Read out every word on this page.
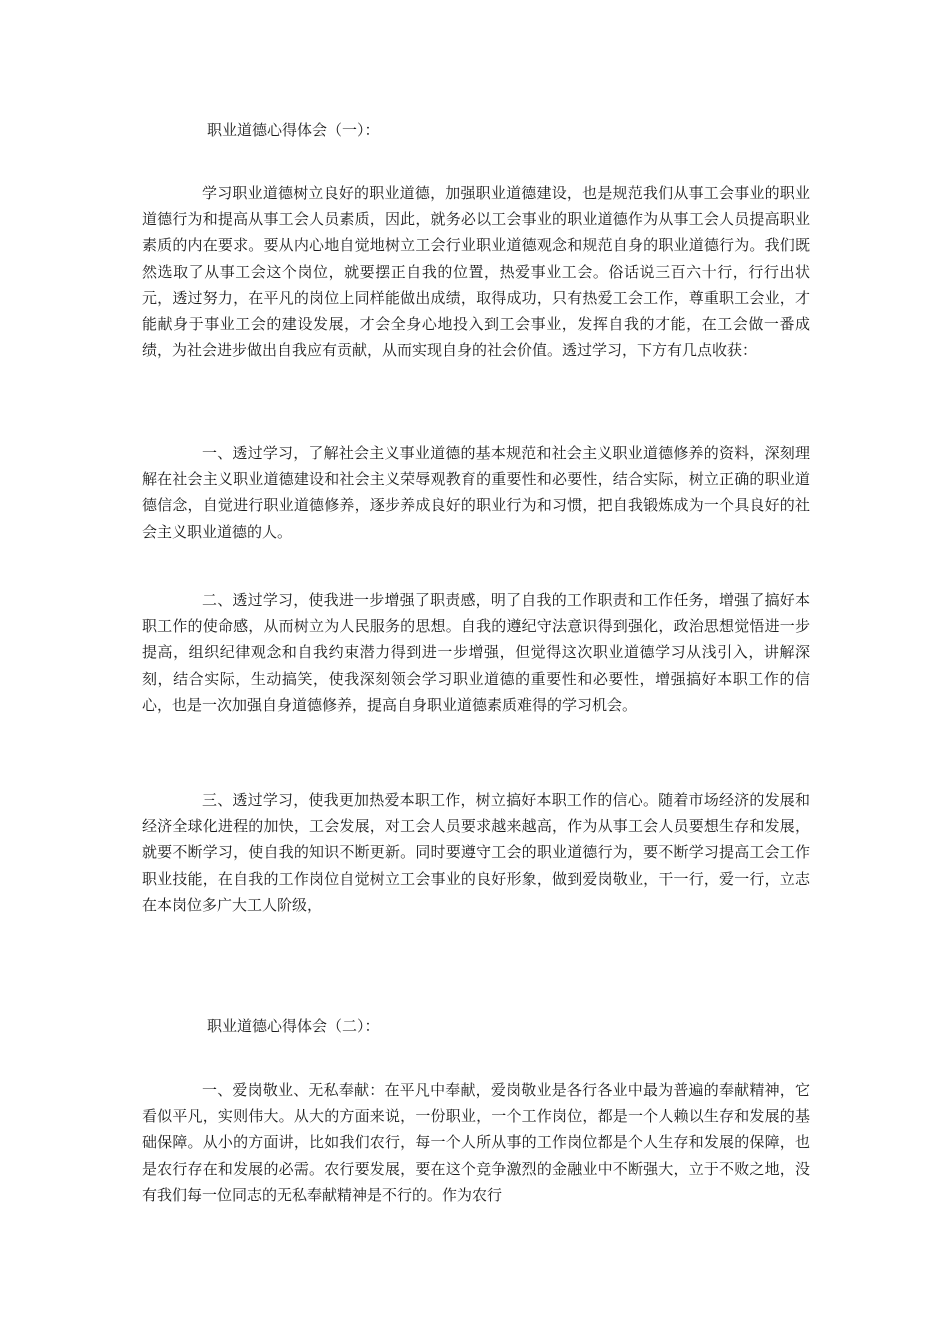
职业道德心得体会（一）：

学习职业道德树立良好的职业道德，加强职业道德建设，也是规范我们从事工会事业的职业道德行为和提高从事工会人员素质，因此，就务必以工会事业的职业道德作为从事工会人员提高职业素质的内在要求。要从内心地自觉地树立工会行业职业道德观念和规范自身的职业道德行为。我们既然选取了从事工会这个岗位，就要摆正自我的位置，热爱事业工会。俗话说三百六十行，行行出状元，透过努力，在平凡的岗位上同样能做出成绩，取得成功，只有热爱工会工作，尊重职工会业，才能献身于事业工会的建设发展，才会全身心地投入到工会事业，发挥自我的才能，在工会做一番成绩，为社会进步做出自我应有贡献，从而实现自身的社会价值。透过学习，下方有几点收获：

一、透过学习，了解社会主义事业道德的基本规范和社会主义职业道德修养的资料，深刻理解在社会主义职业道德建设和社会主义荣辱观教育的重要性和必要性，结合实际，树立正确的职业道德信念，自觉进行职业道德修养，逐步养成良好的职业行为和习惯，把自我锻炼成为一个具良好的社会主义职业道德的人。

二、透过学习，使我进一步增强了职责感，明了自我的工作职责和工作任务，增强了搞好本职工作的使命感，从而树立为人民服务的思想。自我的遵纪守法意识得到强化，政治思想觉悟进一步提高，组织纪律观念和自我约束潜力得到进一步增强，但觉得这次职业道德学习从浅引入，讲解深刻，结合实际，生动搞笑，使我深刻领会学习职业道德的重要性和必要性，增强搞好本职工作的信心，也是一次加强自身道德修养，提高自身职业道德素质难得的学习机会。

三、透过学习，使我更加热爱本职工作，树立搞好本职工作的信心。随着市场经济的发展和经济全球化进程的加快，工会发展，对工会人员要求越来越高，作为从事工会人员要想生存和发展，就要不断学习，使自我的知识不断更新。同时要遵守工会的职业道德行为，要不断学习提高工会工作职业技能，在自我的工作岗位自觉树立工会事业的良好形象，做到爱岗敬业，干一行，爱一行，立志在本岗位多广大工人阶级，

职业道德心得体会（二）：

一、爱岗敬业、无私奉献：在平凡中奉献，爱岗敬业是各行各业中最为普遍的奉献精神，它看似平凡，实则伟大。从大的方面来说，一份职业，一个工作岗位，都是一个人赖以生存和发展的基础保障。从小的方面讲，比如我们农行，每一个人所从事的工作岗位都是个人生存和发展的保障，也是农行存在和发展的必需。农行要发展，要在这个竞争激烈的金融业中不断强大，立于不败之地，没有我们每一位同志的无私奉献精神是不行的。作为农行
